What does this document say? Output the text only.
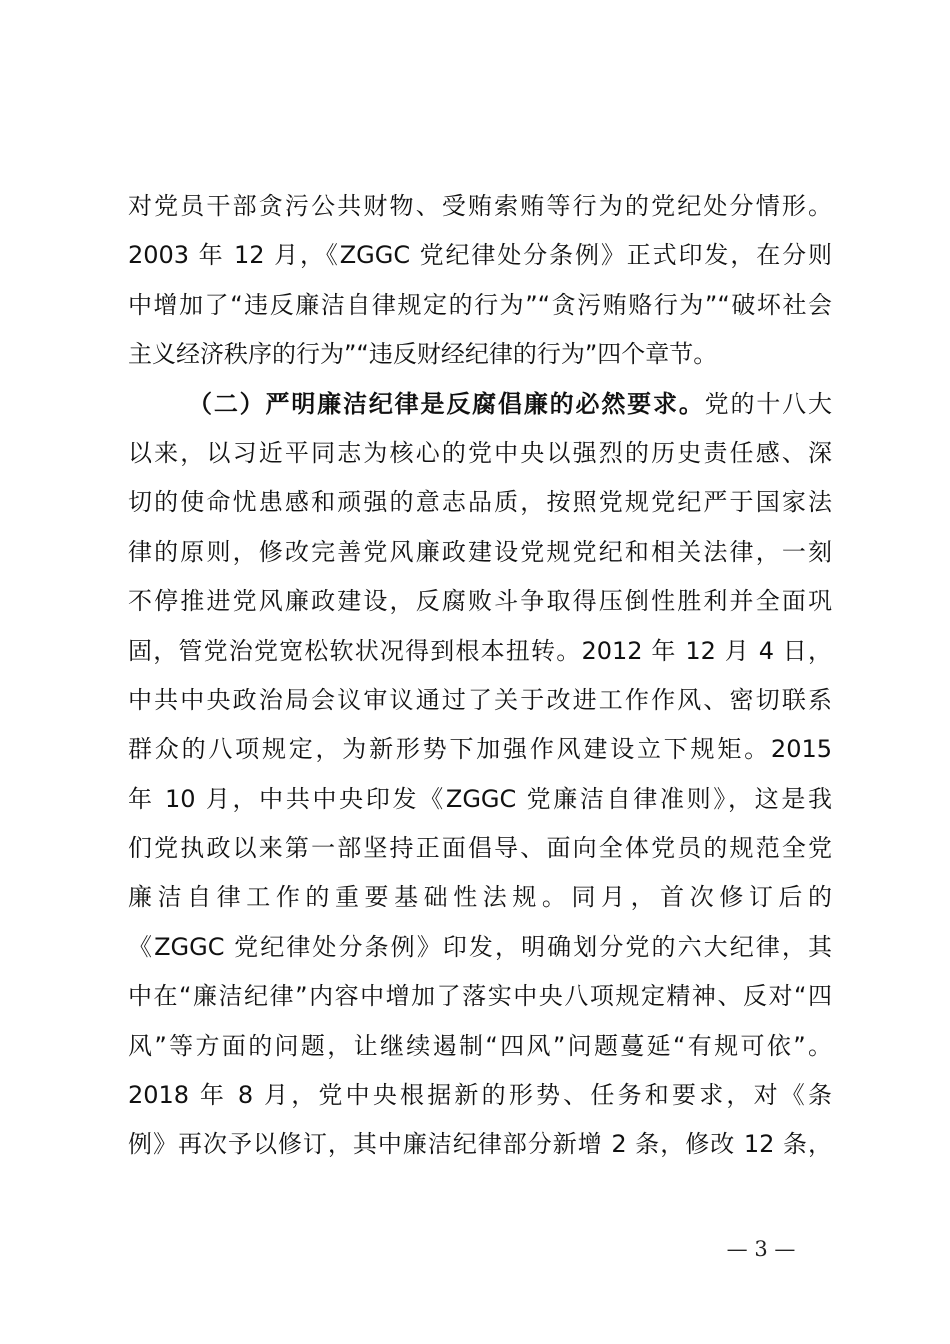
对党员干部贪污公共财物、受贿索贿等行为的党纪处分情形。
2003 年 12 月，《ZGGC 党纪律处分条例》正式印发，在分则
中增加了“违反廉洁自律规定的行为”“贪污贿赂行为”“破坏社会
主义经济秩序的行为”“违反财经纪律的行为”四个章节。
（二）严明廉洁纪律是反腐倡廉的必然要求。党的十八大
以来，以习近平同志为核心的党中央以强烈的历史责任感、深
切的使命忧患感和顽强的意志品质，按照党规党纪严于国家法
律的原则，修改完善党风廉政建设党规党纪和相关法律，一刻
不停推进党风廉政建设，反腐败斗争取得压倒性胜利并全面巩
固，管党治党宽松软状况得到根本扭转。2012 年 12 月 4 日，
中共中央政治局会议审议通过了关于改进工作作风、密切联系
群众的八项规定，为新形势下加强作风建设立下规矩。2015
年 10 月，中共中央印发《ZGGC 党廉洁自律准则》，这是我
们党执政以来第一部坚持正面倡导、面向全体党员的规范全党
廉洁自律工作的重要基础性法规。同月，首次修订后的
《ZGGC 党纪律处分条例》印发，明确划分党的六大纪律，其
中在“廉洁纪律”内容中增加了落实中央八项规定精神、反对“四
风”等方面的问题，让继续遏制“四风”问题蔓延“有规可依”。
2018 年 8 月，党中央根据新的形势、任务和要求，对《条
例》再次予以修订，其中廉洁纪律部分新增 2 条，修改 12 条，
— 3 —
